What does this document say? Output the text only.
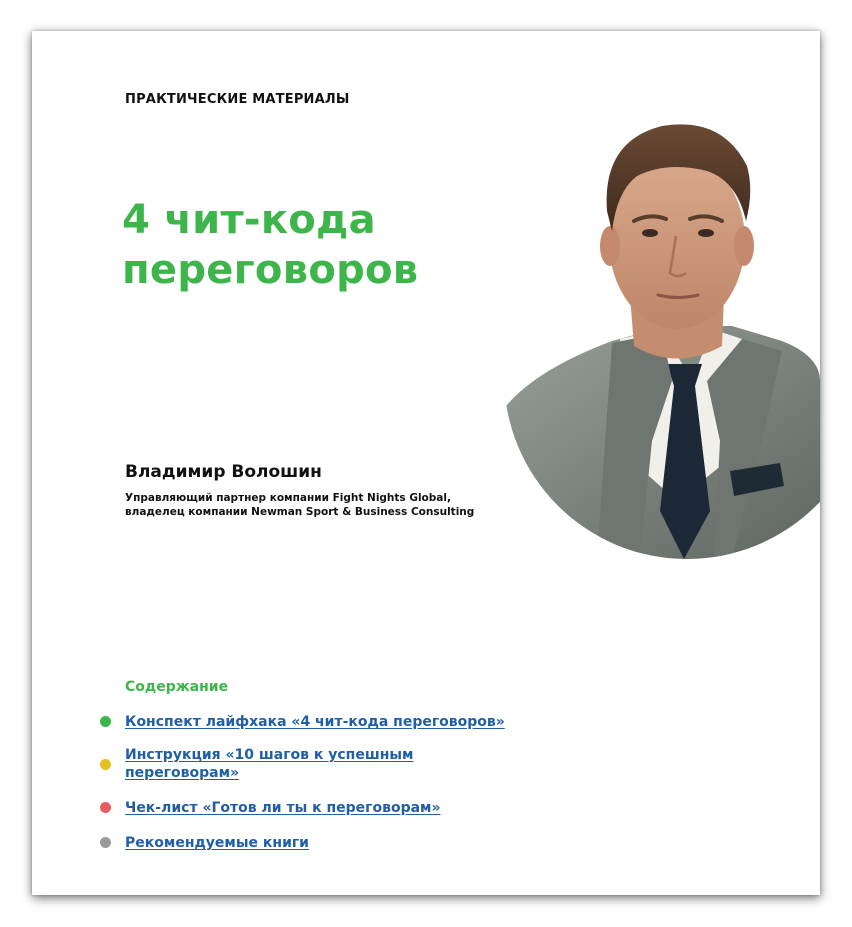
ПРАКТИЧЕСКИЕ МАТЕРИАЛЫ
4 чит-кода
переговоров
Владимир Волошин
Управляющий партнер компании Fight Nights Global,
владелец компании Newman Sport & Business Consulting
Содержание
Конспект лайфхака «4 чит-кода переговоров»
Инструкция «10 шагов к успешным
переговорам»
Чек-лист «Готов ли ты к переговорам»
Рекомендуемые книги
